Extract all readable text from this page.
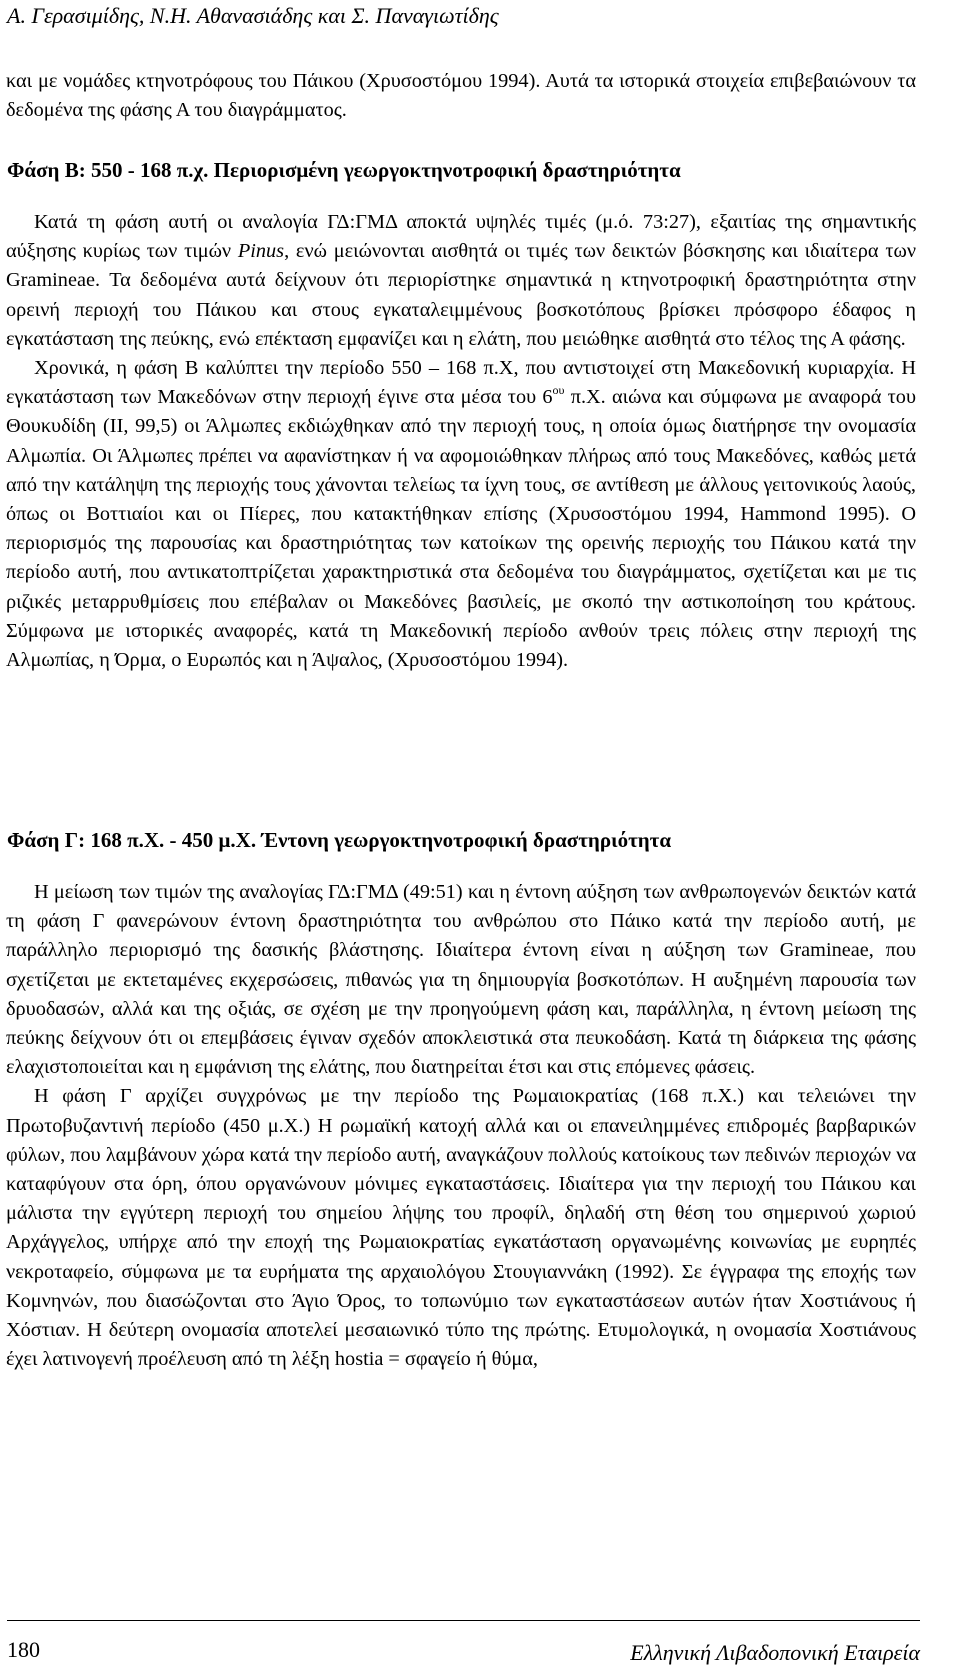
Α. Γερασιμίδης, Ν.Η. Αθανασιάδης και Σ. Παναγιωτίδης

και με νομάδες κτηνοτρόφους του Πάικου (Χρυσοστόμου 1994). Αυτά τα ιστορικά στοιχεία επιβεβαιώνουν τα δεδομένα της φάσης Α του διαγράμματος.

Φάση Β: 550 - 168 π.χ. Περιορισμένη γεωργοκτηνοτροφική δραστηριότητα

Κατά τη φάση αυτή οι αναλογία ΓΔ:ΓΜΔ αποκτά υψηλές τιμές (μ.ό. 73:27), εξαιτίας της σημαντικής αύξησης κυρίως των τιμών Pinus, ενώ μειώνονται αισθητά οι τιμές των δεικτών βόσκησης και ιδιαίτερα των Gramineae. Τα δεδομένα αυτά δείχνουν ότι περιορίστηκε σημαντικά η κτηνοτροφική δραστηριότητα στην ορεινή περιοχή του Πάικου και στους εγκαταλειμμένους βοσκοτόπους βρίσκει πρόσφορο έδαφος η εγκατάσταση της πεύκης, ενώ επέκταση εμφανίζει και η ελάτη, που μειώθηκε αισθητά στο τέλος της Α φάσης.

Χρονικά, η φάση Β καλύπτει την περίοδο 550 – 168 π.Χ, που αντιστοιχεί στη Μακεδονική κυριαρχία. Η εγκατάσταση των Μακεδόνων στην περιοχή έγινε στα μέσα του $6^{o\upsilon}$ π.Χ. αιώνα και σύμφωνα με αναφορά του Θουκυδίδη (ΙΙ, 99,5) οι Άλμωπες εκδιώχθηκαν από την περιοχή τους, η οποία όμως διατήρησε την ονομασία Αλμωπία. Οι Άλμωπες πρέπει να αφανίστηκαν ή να αφομοιώθηκαν πλήρως από τους Μακεδόνες, καθώς μετά από την κατάληψη της περιοχής τους χάνονται τελείως τα ίχνη τους, σε αντίθεση με άλλους γειτονικούς λαούς, όπως οι Βοττιαίοι και οι Πίερες, που κατακτήθηκαν επίσης (Χρυσοστόμου 1994, Hammond 1995). Ο περιορισμός της παρουσίας και δραστηριότητας των κατοίκων της ορεινής περιοχής του Πάικου κατά την περίοδο αυτή, που αντικατοπτρίζεται χαρακτηριστικά στα δεδομένα του διαγράμματος, σχετίζεται και με τις ριζικές μεταρρυθμίσεις που επέβαλαν οι Μακεδόνες βασιλείς, με σκοπό την αστικοποίηση του κράτους. Σύμφωνα με ιστορικές αναφορές, κατά τη Μακεδονική περίοδο ανθούν τρεις πόλεις στην περιοχή της Αλμωπίας, η Όρμα, ο Ευρωπός και η Άψαλος, (Χρυσοστόμου 1994).

Φάση Γ: 168 π.Χ. - 450 μ.Χ. Έντονη γεωργοκτηνοτροφική δραστηριότητα

Η μείωση των τιμών της αναλογίας ΓΔ:ΓΜΔ (49:51) και η έντονη αύξηση των ανθρωπογενών δεικτών κατά τη φάση Γ φανερώνουν έντονη δραστηριότητα του ανθρώπου στο Πάικο κατά την περίοδο αυτή, με παράλληλο περιορισμό της δασικής βλάστησης. Ιδιαίτερα έντονη είναι η αύξηση των Gramineae, που σχετίζεται με εκτεταμένες εκχερσώσεις, πιθανώς για τη δημιουργία βοσκοτόπων. Η αυξημένη παρουσία των δρυοδασών, αλλά και της οξιάς, σε σχέση με την προηγούμενη φάση και, παράλληλα, η έντονη μείωση της πεύκης δείχνουν ότι οι επεμβάσεις έγιναν σχεδόν αποκλειστικά στα πευκοδάση. Κατά τη διάρκεια της φάσης ελαχιστοποιείται και η εμφάνιση της ελάτης, που διατηρείται έτσι και στις επόμενες φάσεις.

Η φάση Γ αρχίζει συγχρόνως με την περίοδο της Ρωμαιοκρατίας (168 π.Χ.) και τελειώνει την Πρωτοβυζαντινή περίοδο (450 μ.Χ.) Η ρωμαϊκή κατοχή αλλά και οι επανειλημμένες επιδρομές βαρβαρικών φύλων, που λαμβάνουν χώρα κατά την περίοδο αυτή, αναγκάζουν πολλούς κατοίκους των πεδινών περιοχών να καταφύγουν στα όρη, όπου οργανώνουν μόνιμες εγκαταστάσεις. Ιδιαίτερα για την περιοχή του Πάικου και μάλιστα την εγγύτερη περιοχή του σημείου λήψης του προφίλ, δηλαδή στη θέση του σημερινού χωριού Αρχάγγελος, υπήρχε από την εποχή της Ρωμαιοκρατίας εγκατάσταση οργανωμένης κοινωνίας με ευρηπές νεκροταφείο, σύμφωνα με τα ευρήματα της αρχαιολόγου Στουγιαννάκη (1992). Σε έγγραφα της εποχής των Κομνηνών, που διασώζονται στο Άγιο Όρος, το τοπωνύμιο των εγκαταστάσεων αυτών ήταν Χοστιάνους ή Χόστιαν. Η δεύτερη ονομασία αποτελεί μεσαιωνικό τύπο της πρώτης. Ετυμολογικά, η ονομασία Χοστιάνους έχει λατινογενή προέλευση από τη λέξη hostia = σφαγείο ή θύμα,

180	Ελληνική Λιβαδοπονική Εταιρεία
